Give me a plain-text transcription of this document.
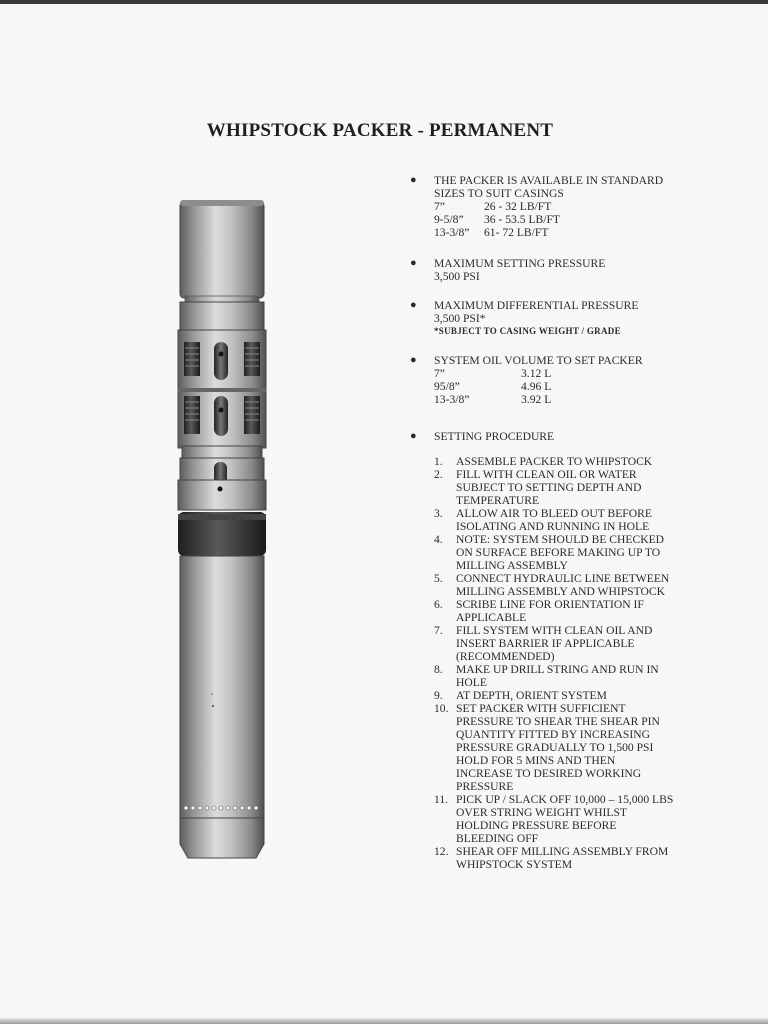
WHIPSTOCK PACKER - PERMANENT
● THE PACKER IS AVAILABLE IN STANDARD
SIZES TO SUIT CASINGS
7”	26 - 32 LB/FT
9-5/8”	36 - 53.5 LB/FT
13-3/8”	61- 72 LB/FT
● MAXIMUM SETTING PRESSURE
3,500 PSI
● MAXIMUM DIFFERENTIAL PRESSURE
3,500 PSI*
*SUBJECT TO CASING WEIGHT / GRADE
● SYSTEM OIL VOLUME TO SET PACKER
7”	3.12 L
95/8”	4.96 L
13-3/8”	3.92 L
● SETTING PROCEDURE
1. ASSEMBLE PACKER TO WHIPSTOCK
2. FILL WITH CLEAN OIL OR WATER
SUBJECT TO SETTING DEPTH AND
TEMPERATURE
3. ALLOW AIR TO BLEED OUT BEFORE
ISOLATING AND RUNNING IN HOLE
4. NOTE: SYSTEM SHOULD BE CHECKED
ON SURFACE BEFORE MAKING UP TO
MILLING ASSEMBLY
5. CONNECT HYDRAULIC LINE BETWEEN
MILLING ASSEMBLY AND WHIPSTOCK
6. SCRIBE LINE FOR ORIENTATION IF
APPLICABLE
7. FILL SYSTEM WITH CLEAN OIL AND
INSERT BARRIER IF APPLICABLE
(RECOMMENDED)
8. MAKE UP DRILL STRING AND RUN IN
HOLE
9. AT DEPTH, ORIENT SYSTEM
10. SET PACKER WITH SUFFICIENT
PRESSURE TO SHEAR THE SHEAR PIN
QUANTITY FITTED BY INCREASING
PRESSURE GRADUALLY TO 1,500 PSI
HOLD FOR 5 MINS AND THEN
INCREASE TO DESIRED WORKING
PRESSURE
11. PICK UP / SLACK OFF 10,000 – 15,000 LBS
OVER STRING WEIGHT WHILST
HOLDING PRESSURE BEFORE
BLEEDING OFF
12. SHEAR OFF MILLING ASSEMBLY FROM
WHIPSTOCK SYSTEM
